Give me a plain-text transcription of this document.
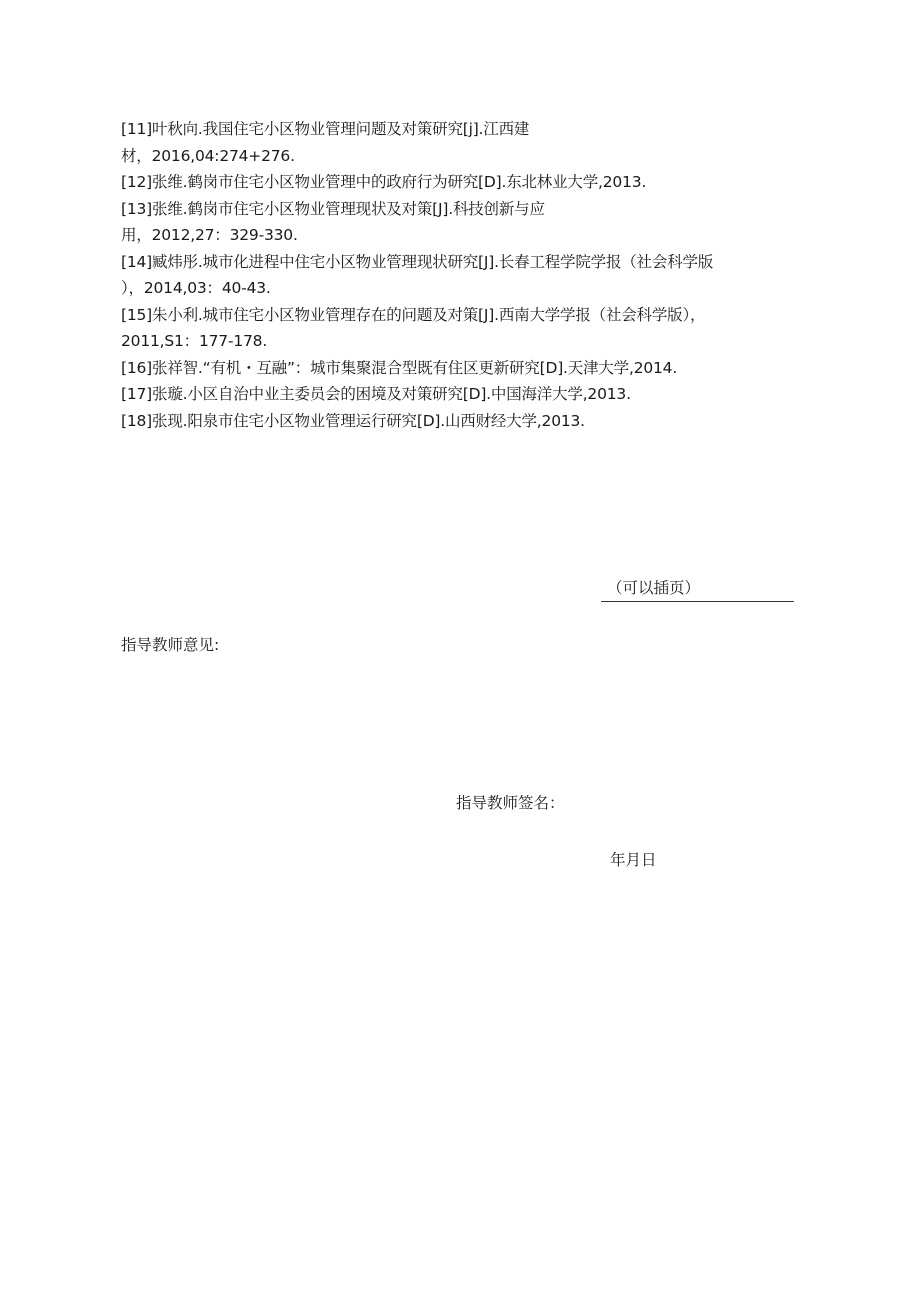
[11]叶秋向.我国住宅小区物业管理问题及对策研究[j].江西建
材，2016,04:274+276.
[12]张维.鹤岗市住宅小区物业管理中的政府行为研究[D].东北林业大学,2013.
[13]张维.鹤岗市住宅小区物业管理现状及对策[J].科技创新与应
用，2012,27：329-330.
[14]臧炜彤.城市化进程中住宅小区物业管理现状研究[J].长春工程学院学报（社会科学版
），2014,03：40-43.
[15]朱小利.城市住宅小区物业管理存在的问题及对策[J].西南大学学报（社会科学版），
2011,S1：177-178.
[16]张祥智.“有机・互融”：城市集聚混合型既有住区更新研究[D].天津大学,2014.
[17]张璇.小区自治中业主委员会的困境及对策研究[D].中国海洋大学,2013.
[18]张现.阳泉市住宅小区物业管理运行研究[D].山西财经大学,2013.
（可以插页）
指导教师意见:
指导教师签名：
年月日
